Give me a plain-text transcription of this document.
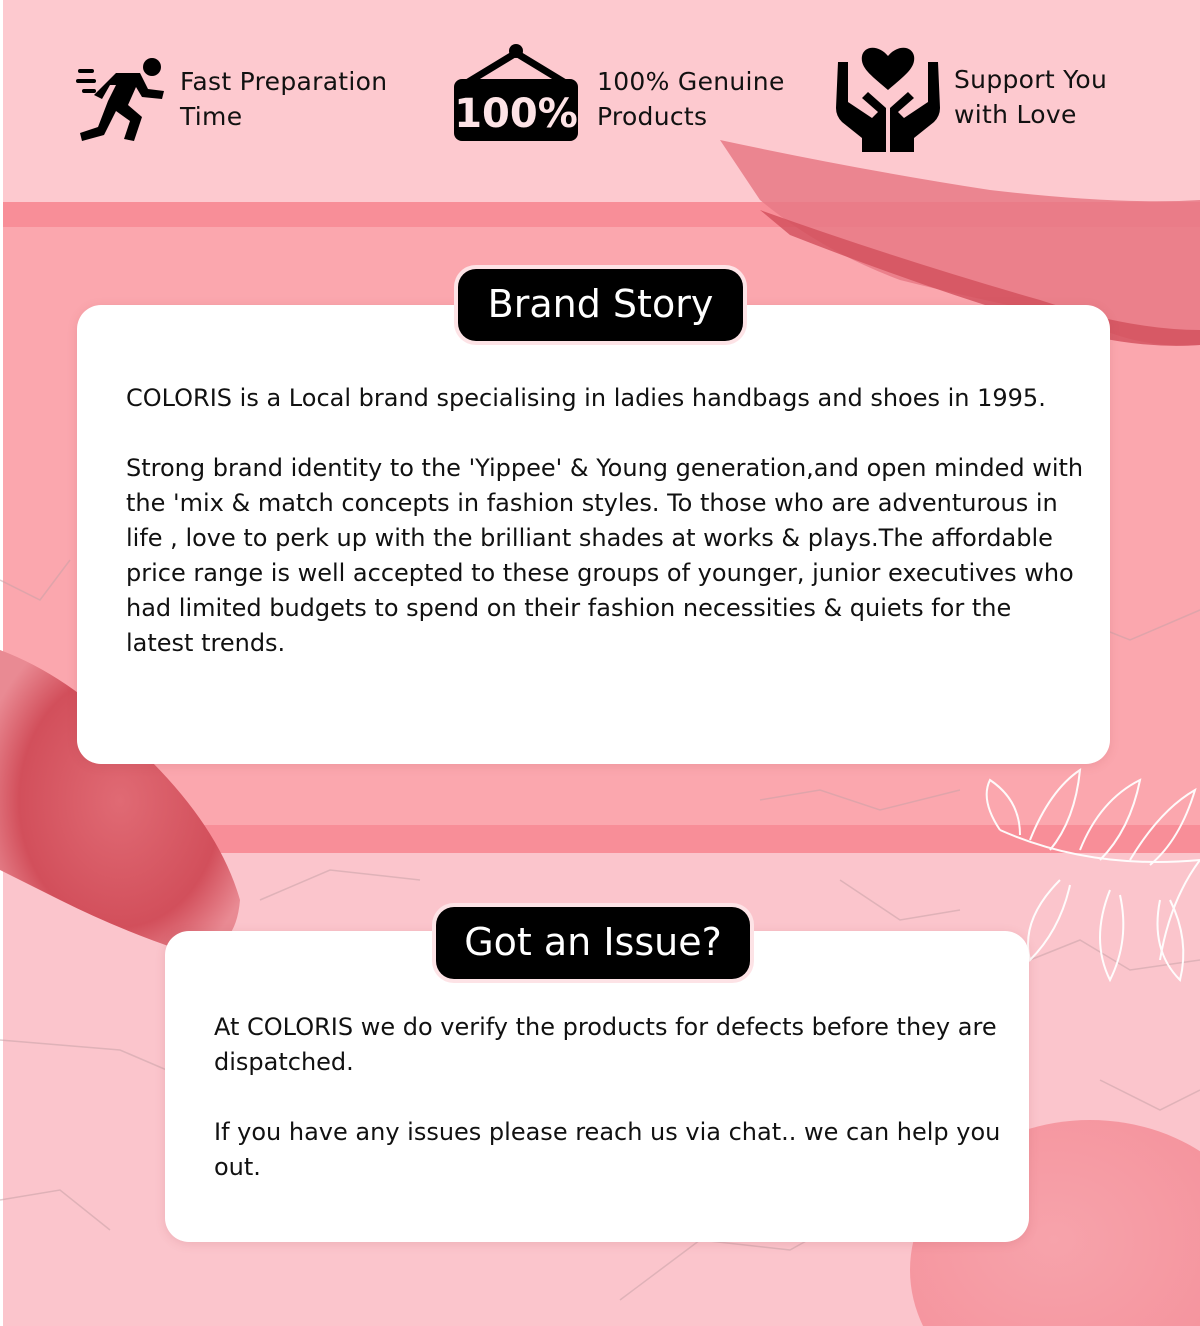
Fast Preparation
Time	100%
100% Genuine
Products
Support You
with Love

COLORIS is a Local brand specialising in ladies handbags and shoes in 1995.

Strong brand identity to the 'Yippee' & Young generation,and open minded with the 'mix & match concepts in fashion styles. To those who are adventurous in life , love to perk up with the brilliant shades at works & plays.The affordable price range is well accepted to these groups of younger, junior executives who had limited budgets to spend on their fashion necessities & quiets for the latest trends.

Brand Story

At COLORIS we do verify the products for defects before they are dispatched.

If you have any issues please reach us via chat.. we can help you out.

Got an Issue?
